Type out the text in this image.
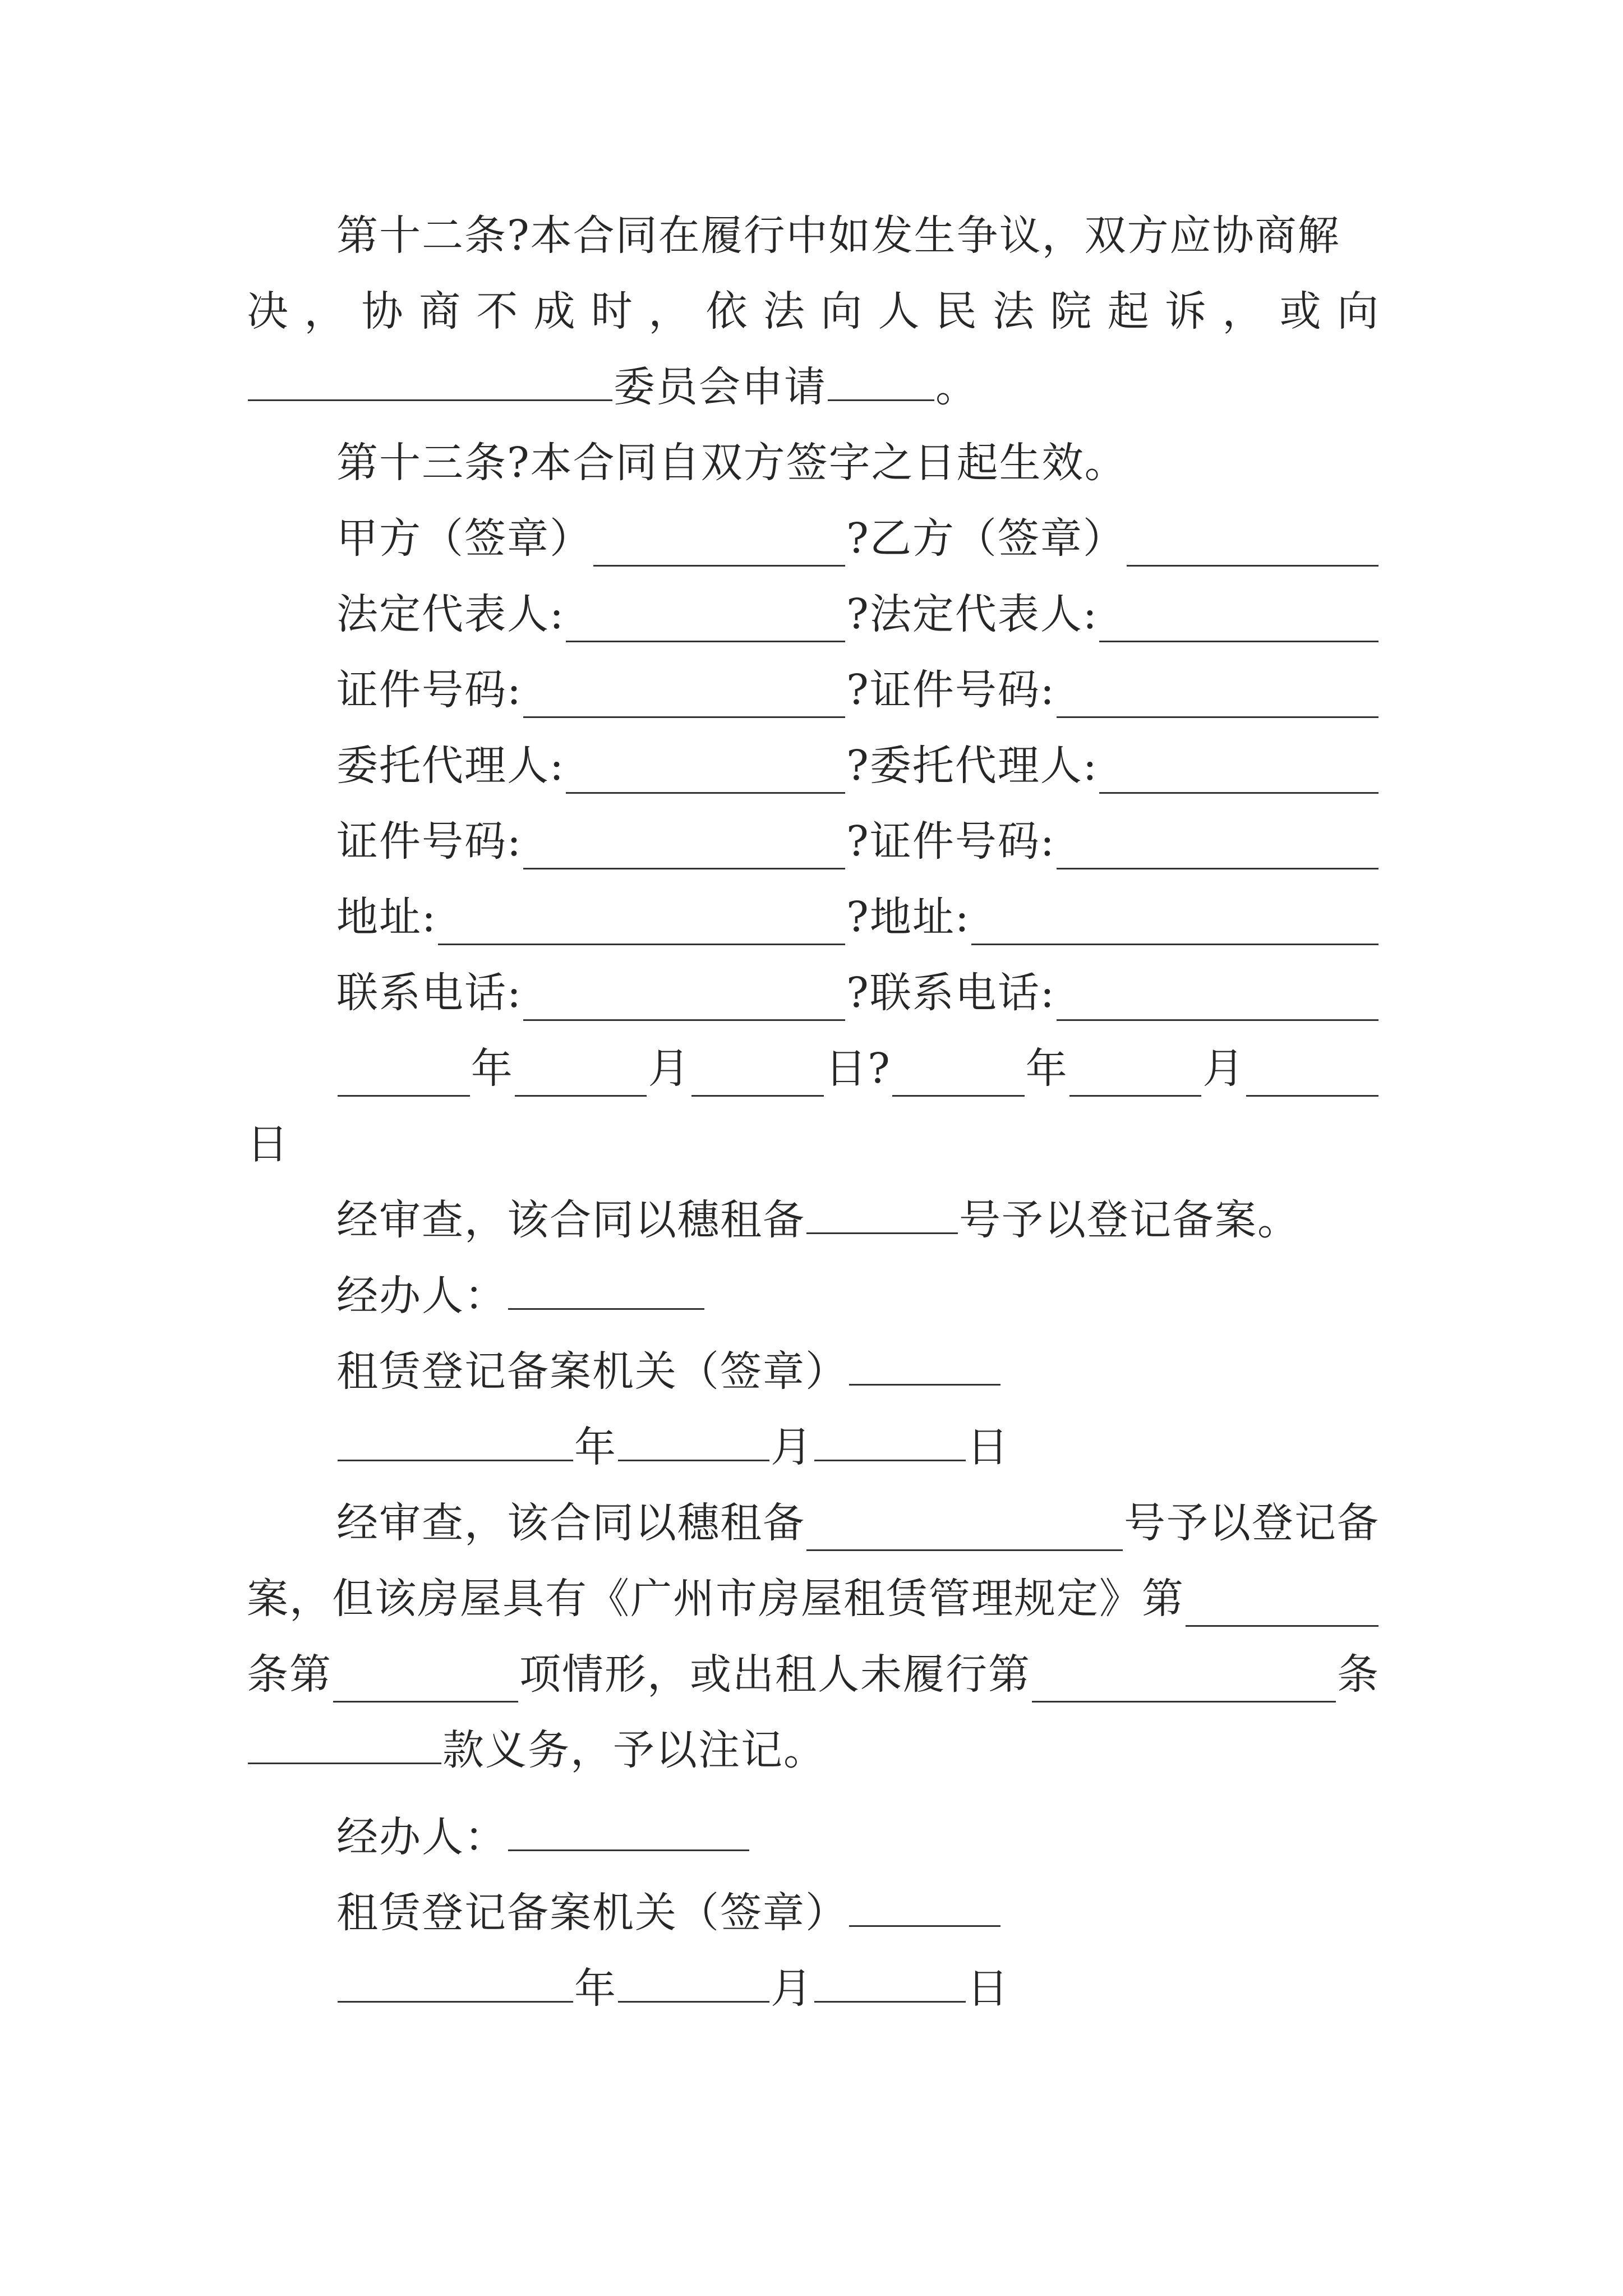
第十二条?本合同在履行中如发生争议，双方应协商解
决，协商不成时，依法向人民法院起诉，或向
委员会申请	。
第十三条?本合同自双方签字之日起生效。
甲方（签章）	?乙方（签章）
法定代表人:	?法定代表人:
证件号码:	?证件号码:
委托代理人:	?委托代理人:
证件号码:	?证件号码:
地址:	?地址:
联系电话:	?联系电话:
年	月	日?	年	月
日
经审查，该合同以穗租备	号予以登记备案。
经办人：
租赁登记备案机关（签章）
年	月	日
经审查，该合同以穗租备	号予以登记备
案，但该房屋具有《广州市房屋租赁管理规定》第
条第	项情形，或出租人未履行第	条
款义务，予以注记。
经办人：
租赁登记备案机关（签章）
年	月	日
